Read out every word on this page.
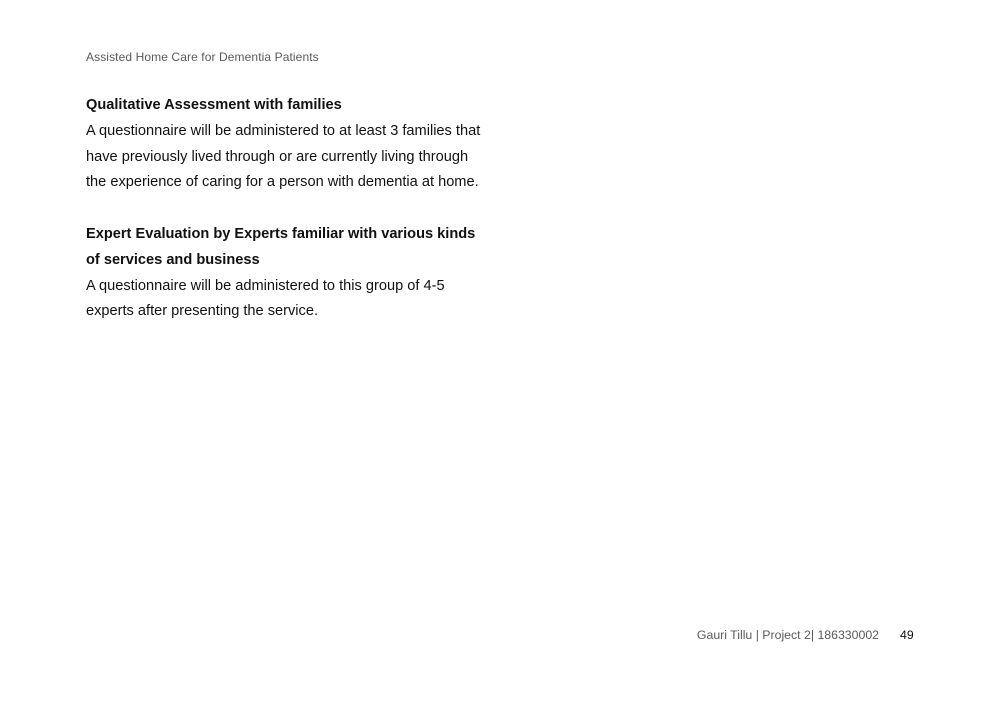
Assisted Home Care for Dementia Patients

Qualitative Assessment with families

A questionnaire will be administered to at least 3 families that have previously lived through or are currently living through the experience of caring for a person with dementia at home.

Expert Evaluation by Experts familiar with various kinds of services and business

A questionnaire will be administered to this group of 4-5 experts after presenting the service.

Gauri Tillu | Project 2| 186330002 49
